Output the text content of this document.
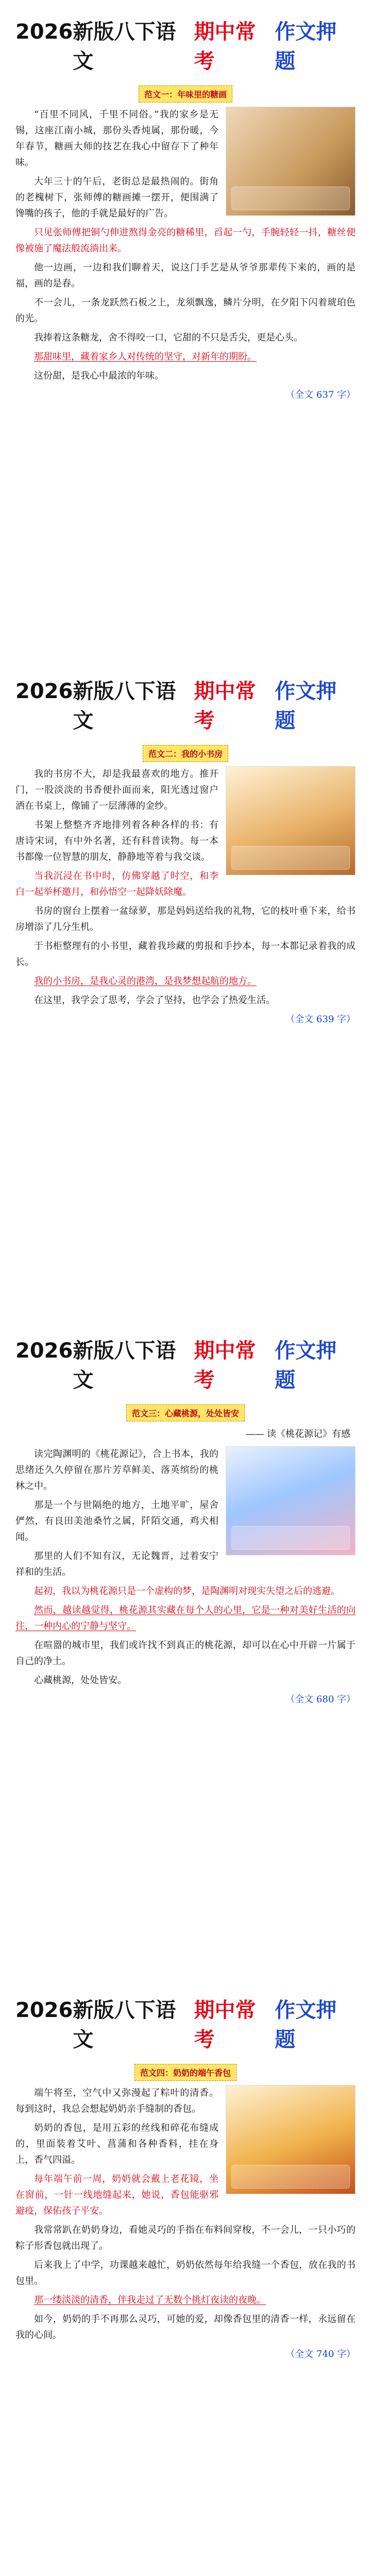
2026 新版八下语文
期中常考
作文押题
范文一：年味里的糖画

“百里不同风，千里不同俗。”我的家乡是无锡，这座江南小城，那份头香炖属，那份暖，今年春节，糖画大师的技艺在我心中留存下了种年味。

大年三十的午后，老街总是最热闹的。街角的老槐树下，张师傅的糖画摊一摆开，便围满了馋嘴的孩子，他的手就是最好的广告。

只见张师傅把铜勺伸进熬得金亮的糖稀里，舀起一勺，手腕轻轻一抖，糖丝便像被施了魔法般流淌出来。

他一边画，一边和我们聊着天，说这门手艺是从爷爷那辈传下来的，画的是福，画的是春。

不一会儿，一条龙跃然石板之上，龙须飘逸，鳞片分明，在夕阳下闪着琥珀色的光。

我捧着这条糖龙，舍不得咬一口，它甜的不只是舌尖，更是心头。

那甜味里，藏着家乡人对传统的坚守，对新年的期盼。

这份甜，是我心中最浓的年味。

（全文 637 字）

2026 新版八下语文
期中常考
作文押题
范文二：我的小书房

我的书房不大，却是我最喜欢的地方。推开门，一股淡淡的书香便扑面而来，阳光透过窗户洒在书桌上，像铺了一层薄薄的金纱。

书架上整整齐齐地排列着各种各样的书：有唐诗宋词，有中外名著，还有科普读物。每一本书都像一位智慧的朋友，静静地等着与我交谈。

当我沉浸在书中时，仿佛穿越了时空，和李白一起举杯邀月，和孙悟空一起降妖除魔。

书房的窗台上摆着一盆绿萝，那是妈妈送给我的礼物，它的枝叶垂下来，给书房增添了几分生机。

于书柜整理有的小书里，藏着我珍藏的剪报和手抄本，每一本都记录着我的成长。

我的小书房，是我心灵的港湾，是我梦想起航的地方。

在这里，我学会了思考，学会了坚持，也学会了热爱生活。

（全文 639 字）

2026 新版八下语文
期中常考
作文押题
范文三：心藏桃源，处处皆安
—— 读《桃花源记》有感

读完陶渊明的《桃花源记》，合上书本，我的思绪还久久停留在那片芳草鲜美、落英缤纷的桃林之中。

那是一个与世隔绝的地方，土地平旷，屋舍俨然，有良田美池桑竹之属，阡陌交通，鸡犬相闻。

那里的人们不知有汉，无论魏晋，过着安宁祥和的生活。

起初，我以为桃花源只是一个虚构的梦，是陶渊明对现实失望之后的逃避。

然而，越读越觉得，桃花源其实藏在每个人的心里，它是一种对美好生活的向往，一种内心的宁静与坚守。

在喧嚣的城市里，我们或许找不到真正的桃花源，却可以在心中开辟一片属于自己的净土。

心藏桃源，处处皆安。

（全文 680 字）

2026 新版八下语文
期中常考
作文押题
范文四：奶奶的端午香包

端午将至，空气中又弥漫起了粽叶的清香。每到这时，我总会想起奶奶亲手缝制的香包。

奶奶的香包，是用五彩的丝线和碎花布缝成的，里面装着艾叶、菖蒲和各种香料，挂在身上，香气四溢。

每年端午前一周，奶奶就会戴上老花镜，坐在窗前，一针一线地缝起来，她说，香包能驱邪避疫，保佑孩子平安。

我常常趴在奶奶身边，看她灵巧的手指在布料间穿梭，不一会儿，一只小巧的粽子形香包就出现了。

后来我上了中学，功课越来越忙，奶奶依然每年给我缝一个香包，放在我的书包里。

那一缕淡淡的清香，伴我走过了无数个挑灯夜读的夜晚。

如今，奶奶的手不再那么灵巧，可她的爱，却像香包里的清香一样，永远留在我的心间。

（全文 740 字）
